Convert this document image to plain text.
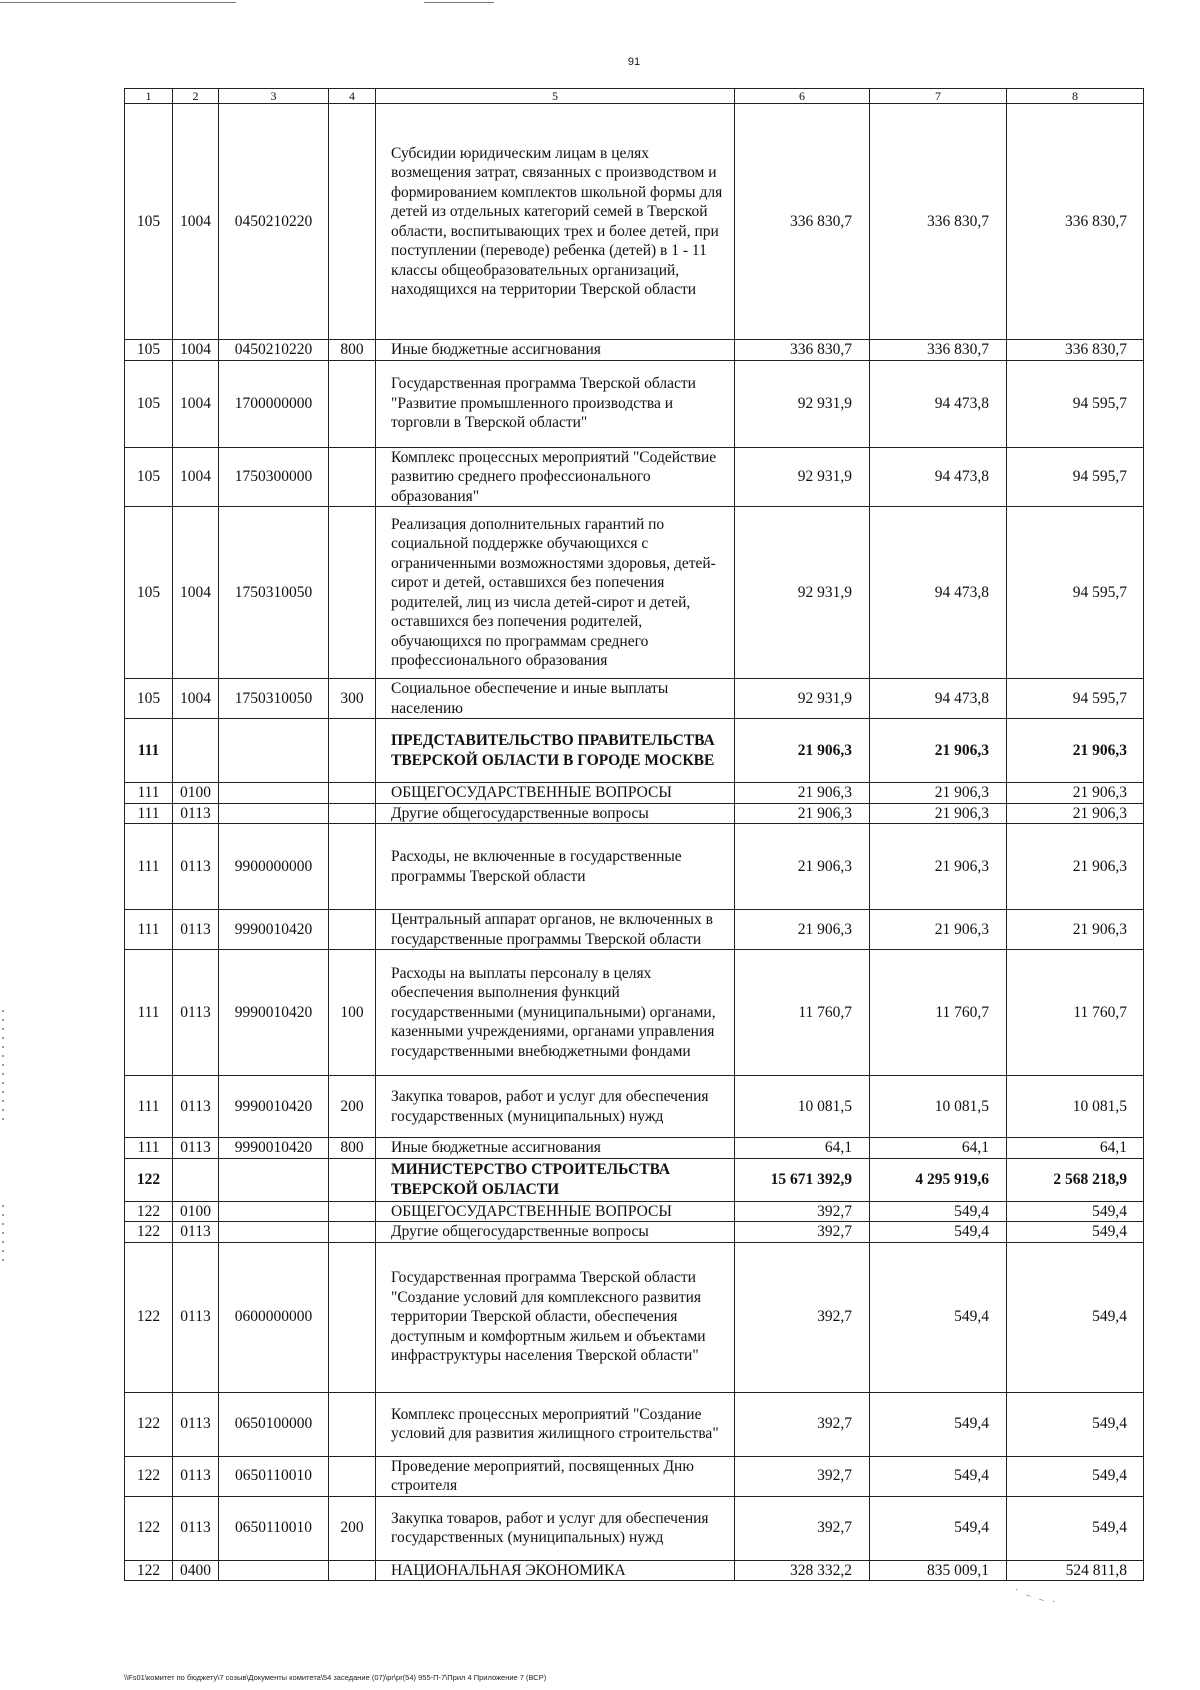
91
1	2	3	4	5	6	7	8
105	1004	0450210220		Субсидии юридическим лицам в целях возмещения затрат, связанных с производством и формированием комплектов школьной формы для детей из отдельных категорий семей в Тверской области, воспитывающих трех и более детей, при поступлении (переводе) ребенка (детей) в 1 - 11 классы общеобразовательных организаций, находящихся на территории Тверской области	336 830,7	336 830,7	336 830,7
105	1004	0450210220	800	Иные бюджетные ассигнования	336 830,7	336 830,7	336 830,7
105	1004	1700000000		Государственная программа Тверской области "Развитие промышленного производства и торговли в Тверской области"	92 931,9	94 473,8	94 595,7
105	1004	1750300000		Комплекс процессных мероприятий "Содействие развитию среднего профессионального образования"	92 931,9	94 473,8	94 595,7
105	1004	1750310050		Реализация дополнительных гарантий по социальной поддержке обучающихся с ограниченными возможностями здоровья, детей-сирот и детей, оставшихся без попечения родителей, лиц из числа детей-сирот и детей, оставшихся без попечения родителей, обучающихся по программам среднего профессионального образования	92 931,9	94 473,8	94 595,7
105	1004	1750310050	300	Социальное обеспечение и иные выплаты населению	92 931,9	94 473,8	94 595,7
111				ПРЕДСТАВИТЕЛЬСТВО ПРАВИТЕЛЬСТВА ТВЕРСКОЙ ОБЛАСТИ В ГОРОДЕ МОСКВЕ	21 906,3	21 906,3	21 906,3
111	0100			ОБЩЕГОСУДАРСТВЕННЫЕ ВОПРОСЫ	21 906,3	21 906,3	21 906,3
111	0113			Другие общегосударственные вопросы	21 906,3	21 906,3	21 906,3
111	0113	9900000000		Расходы, не включенные в государственные программы Тверской области	21 906,3	21 906,3	21 906,3
111	0113	9990010420		Центральный аппарат органов, не включенных в государственные программы Тверской области	21 906,3	21 906,3	21 906,3
111	0113	9990010420	100	Расходы на выплаты персоналу в целях обеспечения выполнения функций государственными (муниципальными) органами, казенными учреждениями, органами управления государственными внебюджетными фондами	11 760,7	11 760,7	11 760,7
111	0113	9990010420	200	Закупка товаров, работ и услуг для обеспечения государственных (муниципальных) нужд	10 081,5	10 081,5	10 081,5
111	0113	9990010420	800	Иные бюджетные ассигнования	64,1	64,1	64,1
122				МИНИСТЕРСТВО СТРОИТЕЛЬСТВА ТВЕРСКОЙ ОБЛАСТИ	15 671 392,9	4 295 919,6	2 568 218,9
122	0100			ОБЩЕГОСУДАРСТВЕННЫЕ ВОПРОСЫ	392,7	549,4	549,4
122	0113			Другие общегосударственные вопросы	392,7	549,4	549,4
122	0113	0600000000		Государственная программа Тверской области "Создание условий для комплексного развития территории Тверской области, обеспечения доступным и комфортным жильем и объектами инфраструктуры населения Тверской области"	392,7	549,4	549,4
122	0113	0650100000		Комплекс процессных мероприятий "Создание условий для развития жилищного строительства"	392,7	549,4	549,4
122	0113	0650110010		Проведение мероприятий, посвященных Дню строителя	392,7	549,4	549,4
122	0113	0650110010	200	Закупка товаров, работ и услуг для обеспечения государственных (муниципальных) нужд	392,7	549,4	549,4
122	0400			НАЦИОНАЛЬНАЯ ЭКОНОМИКА	328 332,2	835 009,1	524 811,8
˙ ⁻ ⁻ ˙
\\Fs01\комитет по бюджету\7 созыв\Документы комитета\54 заседание (07)\pr\pr(54) 955-П-7\Прил 4 Приложение 7 (ВСР)
